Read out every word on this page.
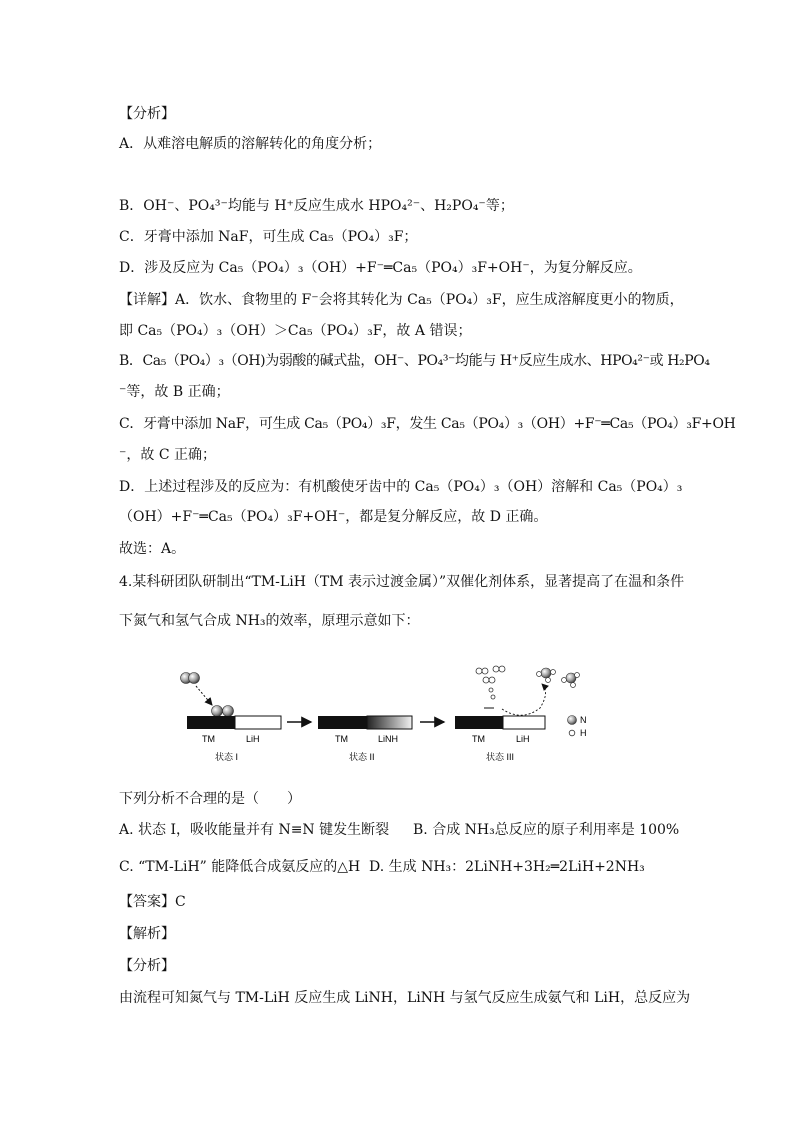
【分析】
A．从难溶电解质的溶解转化的角度分析；
B．OH⁻、PO₄³⁻均能与 H⁺反应生成水 HPO₄²⁻、H₂PO₄⁻等；
C．牙膏中添加 NaF，可生成 Ca₅（PO₄）₃F；
D．涉及反应为 Ca₅（PO₄）₃（OH）+F⁻═Ca₅（PO₄）₃F+OH⁻，为复分解反应。
【详解】A．饮水、食物里的 F⁻会将其转化为 Ca₅（PO₄）₃F，应生成溶解度更小的物质，
即 Ca₅（PO₄）₃（OH）＞Ca₅（PO₄）₃F，故 A 错误；
B．Ca₅（PO₄）₃（OH)为弱酸的碱式盐，OH⁻、PO₄³⁻均能与 H⁺反应生成水、HPO₄²⁻或 H₂PO₄
⁻等，故 B 正确；
C．牙膏中添加 NaF，可生成 Ca₅（PO₄）₃F，发生 Ca₅（PO₄）₃（OH）+F⁻═Ca₅（PO₄）₃F+OH
⁻，故 C 正确；
D．上述过程涉及的反应为：有机酸使牙齿中的 Ca₅（PO₄）₃（OH）溶解和 Ca₅（PO₄）₃
（OH）+F⁻═Ca₅（PO₄）₃F+OH⁻，都是复分解反应，故 D 正确。
故选：A。
4.某科研团队研制出“TM-LiH（TM 表示过渡金属）”双催化剂体系，显著提高了在温和条件
下氮气和氢气合成 NH₃的效率，原理示意如下：
TM	LiH
状态 I
TM	LiNH
状态 II
TM	LiH
状态 III
N
H
下列分析不合理的是（　　）
A. 状态 I，吸收能量并有 N≡N 键发生断裂 B. 合成 NH₃总反应的原子利用率是 100%
C. “TM-LiH” 能降低合成氨反应的△H D. 生成 NH₃：2LiNH+3H₂═2LiH+2NH₃
【答案】C
【解析】
【分析】
由流程可知氮气与 TM-LiH 反应生成 LiNH，LiNH 与氢气反应生成氨气和 LiH，总反应为
